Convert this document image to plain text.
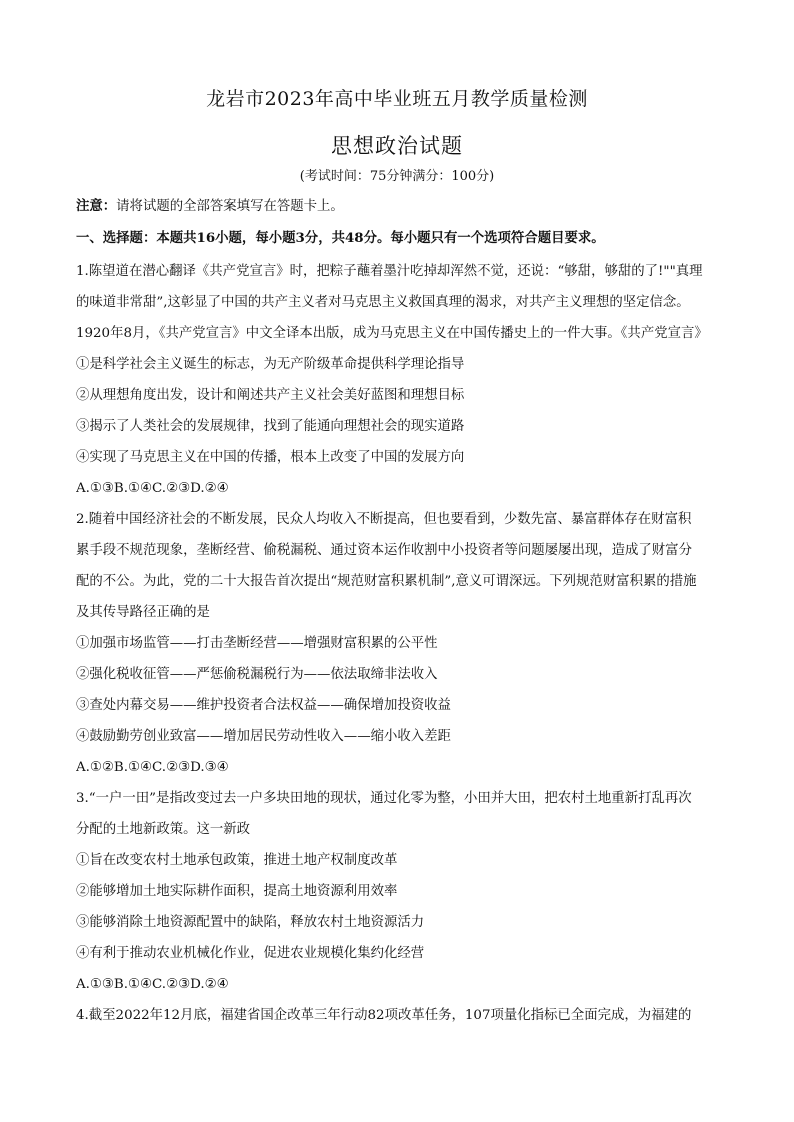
龙岩市2023年高中毕业班五月教学质量检测
思想政治试题
(考试时间：75分钟满分：100分)
注意：请将试题的全部答案填写在答题卡上。
一、选择题：本题共16小题，每小题3分，共48分。每小题只有一个选项符合题目要求。
1.陈望道在潜心翻译《共产党宣言》时，把粽子蘸着墨汁吃掉却浑然不觉，还说：“够甜，够甜的了!""真理
的味道非常甜”,这彰显了中国的共产主义者对马克思主义救国真理的渴求，对共产主义理想的坚定信念。
1920年8月，《共产党宣言》中文全译本出版，成为马克思主义在中国传播史上的一件大事。《共产党宣言》
①是科学社会主义诞生的标志，为无产阶级革命提供科学理论指导
②从理想角度出发，设计和阐述共产主义社会美好蓝图和理想目标
③揭示了人类社会的发展规律，找到了能通向理想社会的现实道路
④实现了马克思主义在中国的传播，根本上改变了中国的发展方向
A.①③B.①④C.②③D.②④
2.随着中国经济社会的不断发展，民众人均收入不断提高，但也要看到，少数先富、暴富群体存在财富积
累手段不规范现象，垄断经营、偷税漏税、通过资本运作收割中小投资者等问题屡屡出现，造成了财富分
配的不公。为此，党的二十大报告首次提出“规范财富积累机制”,意义可谓深远。下列规范财富积累的措施
及其传导路径正确的是
①加强市场监管——打击垄断经营——增强财富积累的公平性
②强化税收征管——严惩偷税漏税行为——依法取缔非法收入
③查处内幕交易——维护投资者合法权益——确保增加投资收益
④鼓励勤劳创业致富——增加居民劳动性收入——缩小收入差距
A.①②B.①④C.②③D.③④
3.“一户一田”是指改变过去一户多块田地的现状，通过化零为整，小田并大田，把农村土地重新打乱再次
分配的土地新政策。这一新政
①旨在改变农村土地承包政策，推进土地产权制度改革
②能够增加土地实际耕作面积，提高土地资源利用效率
③能够消除土地资源配置中的缺陷，释放农村土地资源活力
④有利于推动农业机械化作业，促进农业规模化集约化经营
A.①③B.①④C.②③D.②④
4.截至2022年12月底，福建省国企改革三年行动82项改革任务，107项量化指标已全面完成，为福建的
